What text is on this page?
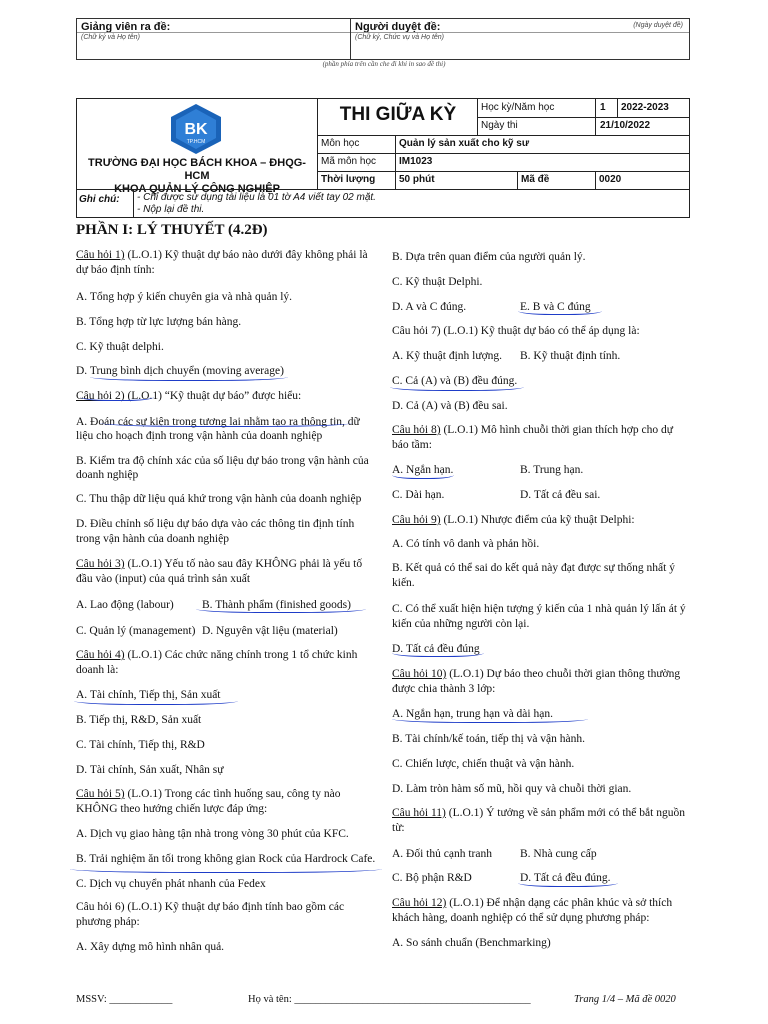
Giảng viên ra đề:
(Chữ ký và Họ tên)
Người duyệt đề:	(Ngày duyệt đề)
(Chữ ký, Chức vụ và Họ tên)
(phần phía trên cần che đi khi in sao đề thi)
BK
TP.HCM
TRƯỜNG ĐẠI HỌC BÁCH KHOA – ĐHQG-HCM
KHOA QUẢN LÝ CÔNG NGHIỆP
THI GIỮA KỲ	Học kỳ/Năm học	1 2022-2023
Ngày thi	21/10/2022
Môn học	Quản lý sản xuất cho kỹ sư
Mã môn học IM1023
Thời lượng 50 phút	Mã đề	0020
Ghi chú: - Chỉ được sử dụng tài liệu là 01 tờ A4 viết tay 02 mặt.
- Nộp lại đề thi.
PHẦN I: LÝ THUYẾT (4.2Đ)
Câu hỏi 1) (L.O.1) Kỹ thuật dự báo nào dưới đây không phải là
dự báo định tính:
A. Tổng hợp ý kiến chuyên gia và nhà quản lý.
B. Tổng hợp từ lực lượng bán hàng.
C. Kỹ thuật delphi.
D. Trung bình dịch chuyển (moving average)
Câu hỏi 2) (L.O.1) “Kỹ thuật dự báo” được hiểu:
A. Đoán các sự kiện trong tương lai nhằm tạo ra thông tin, dữ
liệu cho hoạch định trong vận hành của doanh nghiệp
B. Kiểm tra độ chính xác của số liệu dự báo trong vận hành của
doanh nghiệp
C. Thu thập dữ liệu quá khứ trong vận hành của doanh nghiệp
D. Điều chỉnh số liệu dự báo dựa vào các thông tin định tính
trong vận hành của doanh nghiệp
Câu hỏi 3) (L.O.1) Yếu tố nào sau đây KHÔNG phải là yếu tố
đầu vào (input) của quá trình sản xuất
A. Lao động (labour) B. Thành phẩm (finished goods)
C. Quản lý (management) D. Nguyên vật liệu (material)
Câu hỏi 4) (L.O.1) Các chức năng chính trong 1 tổ chức kinh
doanh là:
A. Tài chính, Tiếp thị, Sản xuất
B. Tiếp thị, R&D, Sản xuất
C. Tài chính, Tiếp thị, R&D
D. Tài chính, Sản xuất, Nhân sự
Câu hỏi 5) (L.O.1) Trong các tình huống sau, công ty nào
KHÔNG theo hướng chiến lược đáp ứng:
A. Dịch vụ giao hàng tận nhà trong vòng 30 phút của KFC.
B. Trải nghiệm ăn tối trong không gian Rock của Hardrock Cafe.
C. Dịch vụ chuyển phát nhanh của Fedex
Câu hỏi 6) (L.O.1) Kỹ thuật dự báo định tính bao gồm các
phương pháp:
A. Xây dựng mô hình nhân quả.
B. Dựa trên quan điểm của người quản lý.
C. Kỹ thuật Delphi.
D. A và C đúng.	E. B và C đúng
Câu hỏi 7) (L.O.1) Kỹ thuật dự báo có thể áp dụng là:
A. Kỹ thuật định lượng. B. Kỹ thuật định tính.
C. Cả (A) và (B) đều đúng.
D. Cả (A) và (B) đều sai.
Câu hỏi 8) (L.O.1) Mô hình chuỗi thời gian thích hợp cho dự
báo tầm:
A. Ngắn hạn.	B. Trung hạn.
C. Dài hạn.	D. Tất cả đều sai.
Câu hỏi 9) (L.O.1) Nhược điểm của kỹ thuật Delphi:
A. Có tính vô danh và phản hồi.
B. Kết quả có thể sai do kết quả này đạt được sự thống nhất ý
kiến.
C. Có thể xuất hiện hiện tượng ý kiến của 1 nhà quản lý lấn át ý
kiến của những người còn lại.
D. Tất cả đều đúng
Câu hỏi 10) (L.O.1) Dự báo theo chuỗi thời gian thông thường
được chia thành 3 lớp:
A. Ngắn hạn, trung hạn và dài hạn.
B. Tài chính/kế toán, tiếp thị và vận hành.
C. Chiến lược, chiến thuật và vận hành.
D. Làm tròn hàm số mũ, hồi quy và chuỗi thời gian.
Câu hỏi 11) (L.O.1) Ý tưởng về sản phẩm mới có thể bắt nguồn
từ:
A. Đối thủ cạnh tranh B. Nhà cung cấp
C. Bộ phận R&D	D. Tất cả đều đúng.
Câu hỏi 12) (L.O.1) Để nhận dạng các phân khúc và sở thích
khách hàng, doanh nghiệp có thể sử dụng phương pháp:
A. So sánh chuẩn (Benchmarking)
MSSV: ____________	Họ và tên: _____________________________________________	Trang 1/4 – Mã đề 0020
